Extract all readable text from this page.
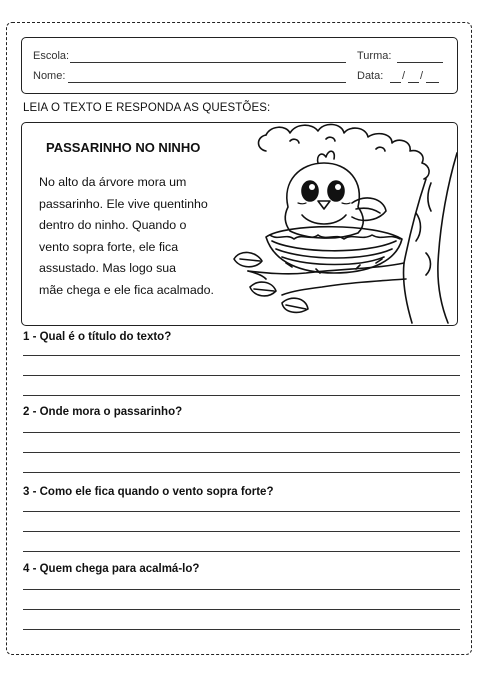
Escola:	Turma:
Nome:	Data: / /
LEIA O TEXTO E RESPONDA AS QUESTÕES:
PASSARINHO NO NINHO

No alto da árvore mora um
passarinho. Ele vive quentinho
dentro do ninho. Quando o
vento sopra forte, ele fica
assustado. Mas logo sua
mãe chega e ele fica acalmado.

1 - Qual é o título do texto?
2 - Onde mora o passarinho?
3 - Como ele fica quando o vento sopra forte?
4 - Quem chega para acalmá-lo?
